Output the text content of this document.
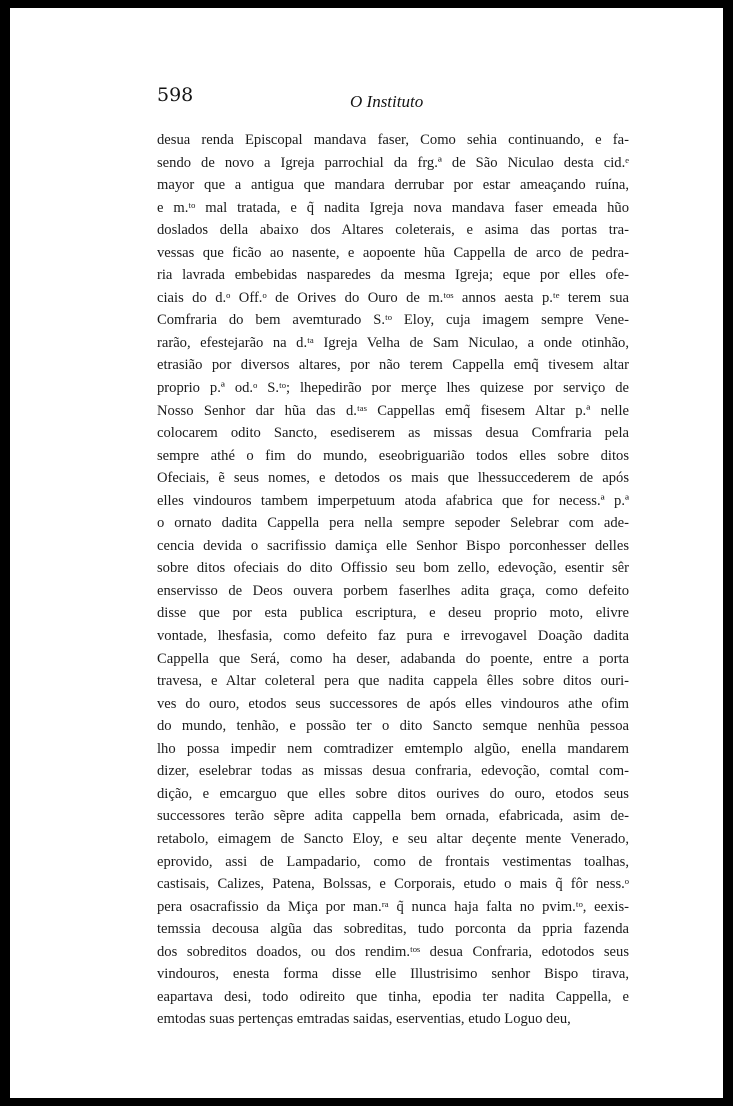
598	O Instituto
desua renda Episcopal mandava faser, Como sehia continuando, e fa-
sendo de novo a Igreja parrochial da frg.ª de São Niculao desta cid.ᵉ
mayor que a antigua que mandara derrubar por estar ameaçando ruína,
e m.ᵗᵒ mal tratada, e q̃ nadita Igreja nova mandava faser emeada hũo
doslados della abaixo dos Altares coleterais, e asima das portas tra-
vessas que ficão ao nasente, e aopoente hũa Cappella de arco de pedra-
ria lavrada embebidas nasparedes da mesma Igreja; eque por elles ofe-
ciais do d.ᵒ Off.ᵒ de Orives do Ouro de m.ᵗᵒˢ annos aesta p.ᵗᵉ terem sua
Comfraria do bem avemturado S.ᵗᵒ Eloy, cuja imagem sempre Vene-
rarão, efestejarão na d.ᵗᵃ Igreja Velha de Sam Niculao, a onde otinhão,
etrasião por diversos altares, por não terem Cappella emq̃ tivesem altar
proprio p.ª od.ᵒ S.ᵗᵒ; lhepedirão por merçe lhes quizese por serviço de
Nosso Senhor dar hũa das d.ᵗᵃˢ Cappellas emq̃ fisesem Altar p.ª nelle
colocarem odito Sancto, esediserem as missas desua Comfraria pela
sempre athé o fim do mundo, eseobriguarião todos elles sobre ditos
Ofeciais, ẽ seus nomes, e detodos os mais que lhessuccederem de após
elles vindouros tambem imperpetuum atoda afabrica que for necess.ª p.ª
o ornato dadita Cappella pera nella sempre sepoder Selebrar com ade-
cencia devida o sacrifissio damiça elle Senhor Bispo porconhesser delles
sobre ditos ofeciais do dito Offissio seu bom zello, edevoção, esentir sêr
enservisso de Deos ouvera porbem faserlhes adita graça, como defeito
disse que por esta publica escriptura, e deseu proprio moto, elivre
vontade, lhesfasia, como defeito faz pura e irrevogavel Doação dadita
Cappella que Será, como ha deser, adabanda do poente, entre a porta
travesa, e Altar coleteral pera que nadita cappela êlles sobre ditos ouri-
ves do ouro, etodos seus successores de após elles vindouros athe ofim
do mundo, tenhão, e possão ter o dito Sancto semque nenhũa pessoa
lho possa impedir nem comtradizer emtemplo algũo, enella mandarem
dizer, eselebrar todas as missas desua confraria, edevoção, comtal com-
dição, e emcarguo que elles sobre ditos ourives do ouro, etodos seus
successores terão sẽpre adita cappella bem ornada, efabricada, asim de-
retabolo, eimagem de Sancto Eloy, e seu altar deçente mente Venerado,
eprovido, assi de Lampadario, como de frontais vestimentas toalhas,
castisais, Calizes, Patena, Bolssas, e Corporais, etudo o mais q̃ fôr ness.ᵒ
pera osacrafissio da Miça por man.ʳᵃ q̃ nunca haja falta no pvim.ᵗᵒ, eexis-
temssia decousa algũa das sobreditas, tudo porconta da ppria fazenda
dos sobreditos doados, ou dos rendim.ᵗᵒˢ desua Confraria, edotodos seus
vindouros, enesta forma disse elle Illustrisimo senhor Bispo tirava,
eapartava desi, todo odireito que tinha, epodia ter nadita Cappella, e
emtodas suas pertenças emtradas saidas, eserventias, etudo Loguo deu,
